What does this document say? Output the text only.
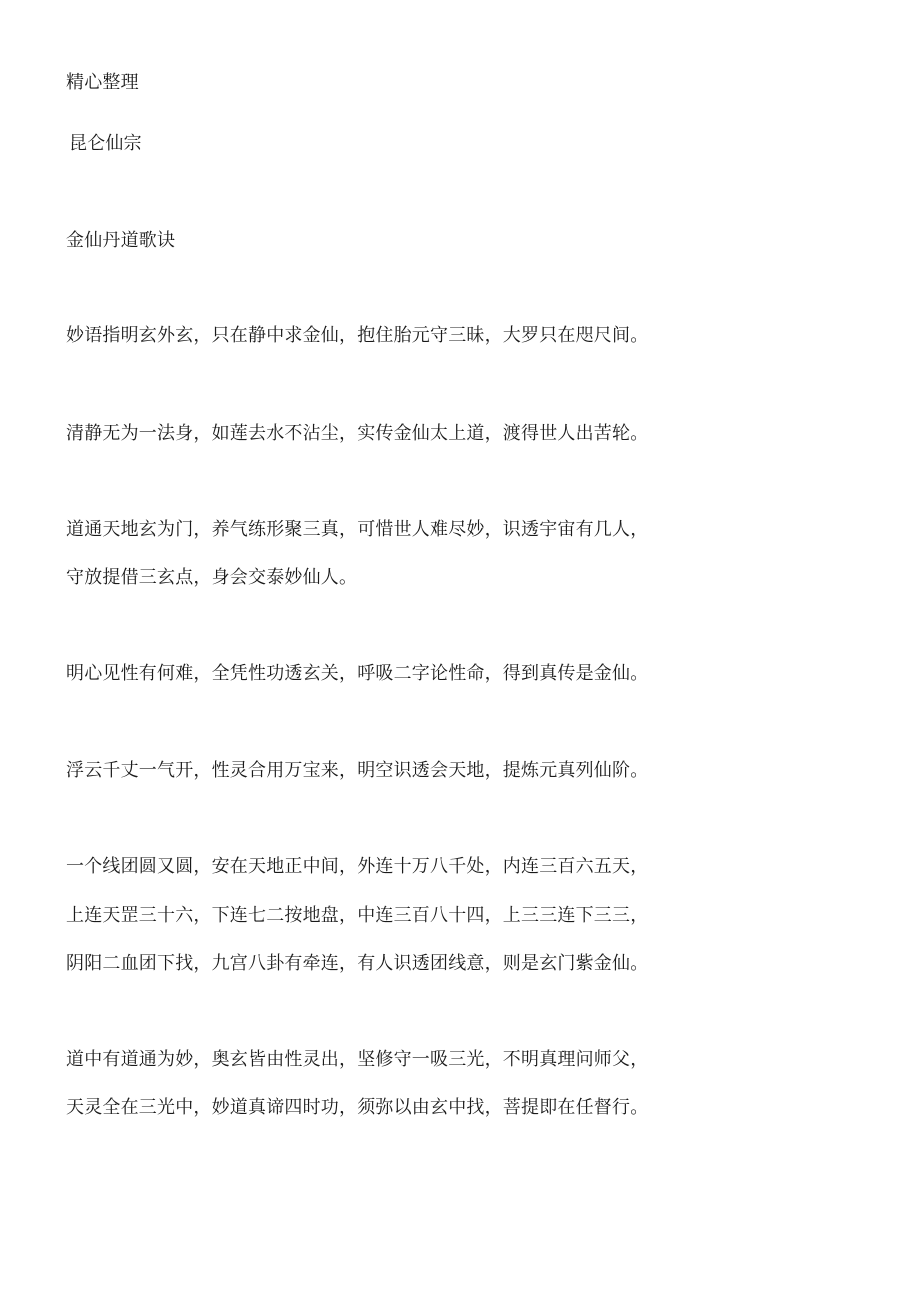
精心整理
昆仑仙宗
金仙丹道歌诀
妙语指明玄外玄，只在静中求金仙，抱住胎元守三昧，大罗只在咫尺间。
清静无为一法身，如莲去水不沾尘，实传金仙太上道，渡得世人出苦轮。
道通天地玄为门，养气练形聚三真，可惜世人难尽妙，识透宇宙有几人，
守放提借三玄点，身会交泰妙仙人。
明心见性有何难，全凭性功透玄关，呼吸二字论性命，得到真传是金仙。
浮云千丈一气开，性灵合用万宝来，明空识透会天地，提炼元真列仙阶。
一个线团圆又圆，安在天地正中间，外连十万八千处，内连三百六五天，
上连天罡三十六，下连七二按地盘，中连三百八十四，上三三连下三三，
阴阳二血团下找，九宫八卦有牵连，有人识透团线意，则是玄门紫金仙。
道中有道通为妙，奥玄皆由性灵出，坚修守一吸三光，不明真理问师父，
天灵全在三光中，妙道真谛四时功，须弥以由玄中找，菩提即在任督行。
